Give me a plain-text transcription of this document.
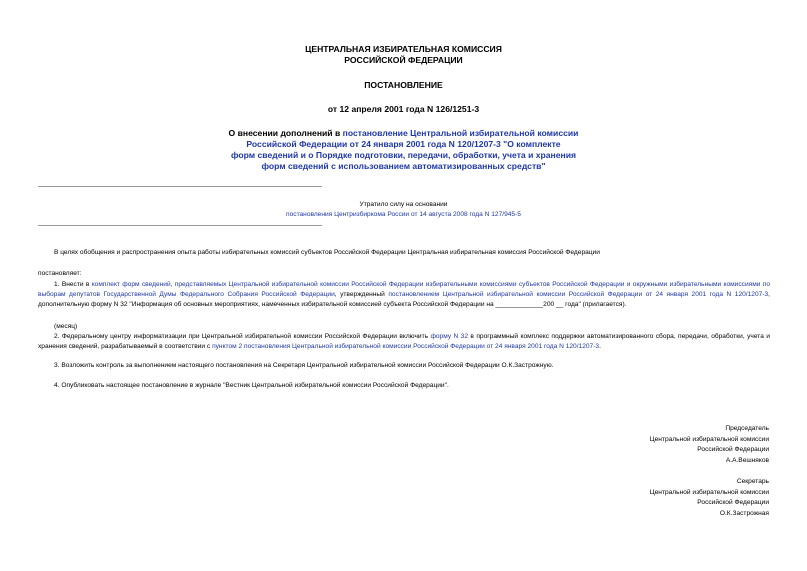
ЦЕНТРАЛЬНАЯ ИЗБИРАТЕЛЬНАЯ КОМИССИЯ
РОССИЙСКОЙ ФЕДЕРАЦИИ
ПОСТАНОВЛЕНИЕ
от 12 апреля 2001 года N 126/1251-3
О внесении дополнений в постановление Центральной избирательной комиссии
Российской Федерации от 24 января 2001 года N 120/1207-3 "О комплекте
форм сведений и о Порядке подготовки, передачи, обработки, учета и хранения
форм сведений с использованием автоматизированных средств"
Утратило силу на основании
постановления Центризбиркома России от 14 августа 2008 года N 127/945-5
В целях обобщения и распространения опыта работы избирательных комиссий субъектов Российской Федерации Центральная избирательная комиссия Российской Федерации
постановляет:
1. Внести в комплект форм сведений, представляемых Центральной избирательной комиссии Российской Федерации избирательными комиссиями субъектов Российской Федерации и окружными избирательными комиссиями по выборам депутатов Государственной Думы Федерального Собрания Российской Федерации, утвержденный постановлением Центральной избирательной комиссии Российской Федерации от 24 января 2001 года N 120/1207-3, дополнительную форму N 32 "Информация об основных мероприятиях, намеченных избирательной комиссией субъекта Российской Федерации на _____________200 __ года" (прилагается).
(месяц)
2. Федеральному центру информатизации при Центральной избирательной комиссии Российской Федерации включить форму N 32 в программный комплекс поддержки автоматизированного сбора, передачи, обработки, учета и хранения сведений, разрабатываемый в соответствии с пунктом 2 постановления Центральной избирательной комиссии Российской Федерации от 24 января 2001 года N 120/1207-3.
3. Возложить контроль за выполнением настоящего постановления на Секретаря Центральной избирательной комиссии Российской Федерации О.К.Застрожную.
4. Опубликовать настоящее постановление в журнале "Вестник Центральной избирательной комиссии Российской Федерации".
Председатель
Центральной избирательной комиссии
Российской Федерации
А.А.Вешняков
Секретарь
Центральной избирательной комиссии
Российской Федерации
О.К.Застрожная
